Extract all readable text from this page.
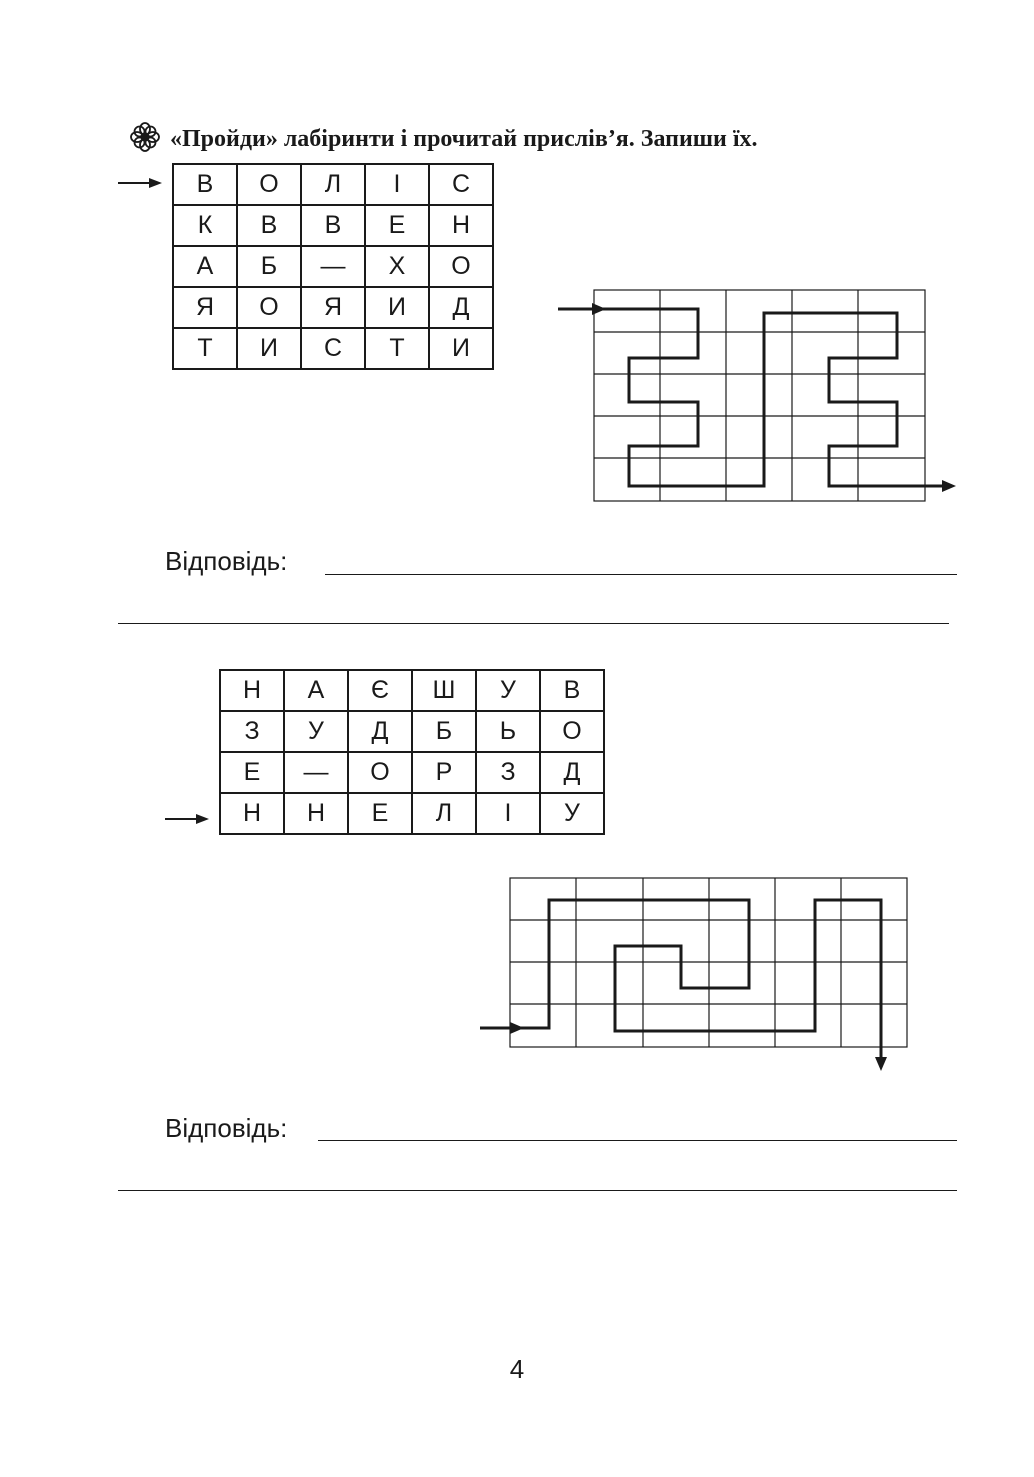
«Пройди» лабіринти і прочитай прислів’я. Запиши їх.
В	О	Л	І	С
К	В	В	Е	Н
А	Б	—	Х	О
Я	О	Я	И	Д
Т	И	С	Т	И
Відповідь:
Н	А	Є	Ш	У	В
З	У	Д	Б	Ь	О
Е	—	О	Р	З	Д
Н	Н	Е	Л	І	У
Відповідь:
4
